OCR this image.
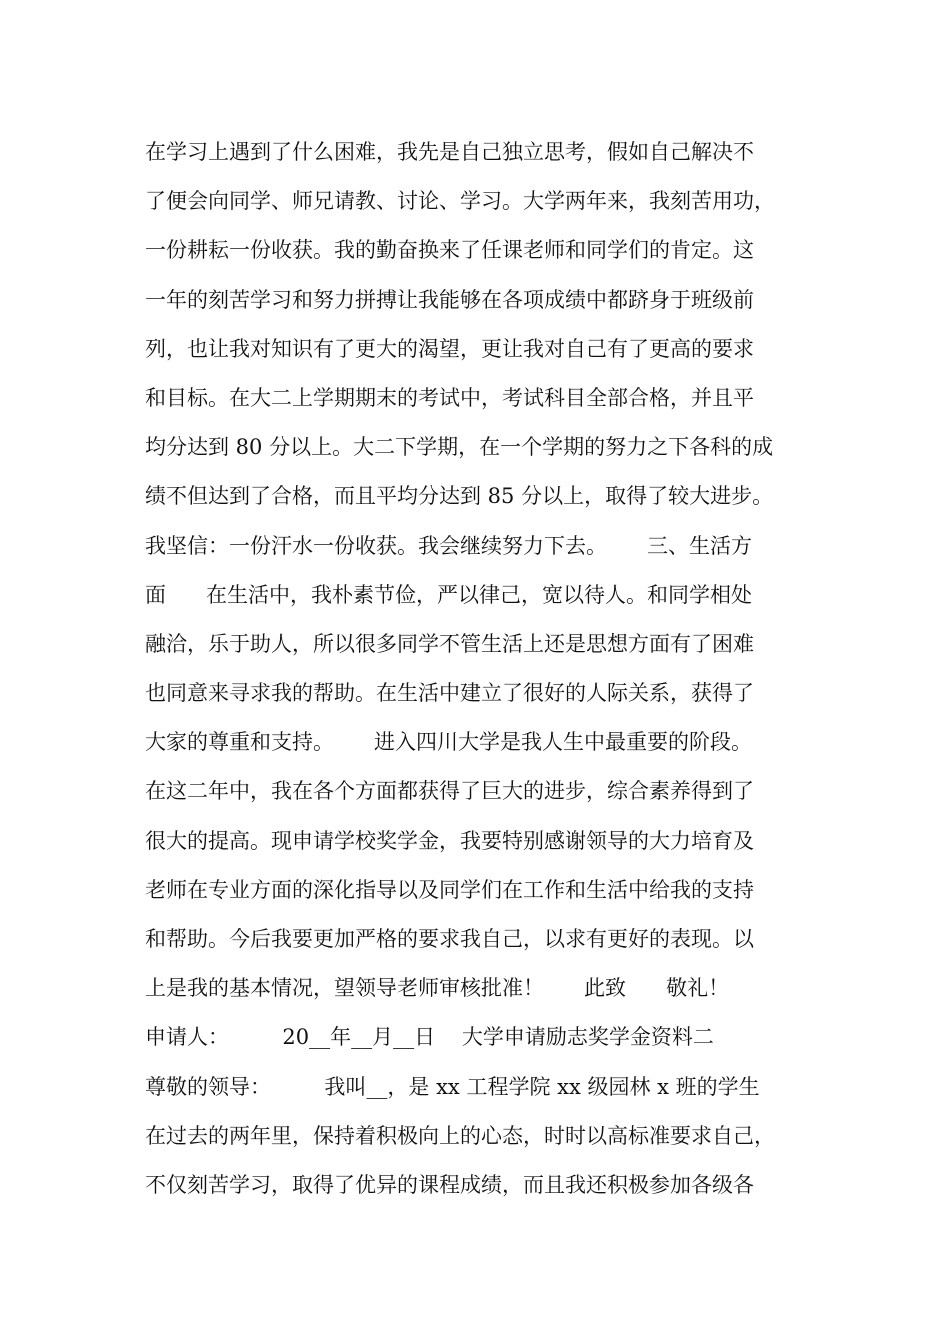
在学习上遇到了什么困难，我先是自己独立思考，假如自己解决不
了便会向同学、师兄请教、讨论、学习。大学两年来，我刻苦用功，
一份耕耘一份收获。我的勤奋换来了任课老师和同学们的肯定。这
一年的刻苦学习和努力拼搏让我能够在各项成绩中都跻身于班级前
列，也让我对知识有了更大的渴望，更让我对自己有了更高的要求
和目标。在大二上学期期末的考试中，考试科目全部合格，并且平
均分达到 80 分以上。大二下学期，在一个学期的努力之下各科的成
绩不但达到了合格，而且平均分达到 85 分以上，取得了较大进步。
我坚信：一份汗水一份收获。我会继续努力下去。      三、生活方
面      在生活中，我朴素节俭，严以律己，宽以待人。和同学相处
融洽，乐于助人，所以很多同学不管生活上还是思想方面有了困难
也同意来寻求我的帮助。在生活中建立了很好的人际关系，获得了
大家的尊重和支持。      进入四川大学是我人生中最重要的阶段。
在这二年中，我在各个方面都获得了巨大的进步，综合素养得到了
很大的提高。现申请学校奖学金，我要特别感谢领导的大力培育及
老师在专业方面的深化指导以及同学们在工作和生活中给我的支持
和帮助。今后我要更加严格的要求我自己，以求有更好的表现。以
上是我的基本情况，望领导老师审核批准！      此致      敬礼！
申请人：        20__年__月__日    大学申请励志奖学金资料二
尊敬的领导：        我叫__，是 xx 工程学院 xx 级园林 x 班的学生
在过去的两年里，保持着积极向上的心态，时时以高标准要求自己，
不仅刻苦学习，取得了优异的课程成绩，而且我还积极参加各级各
